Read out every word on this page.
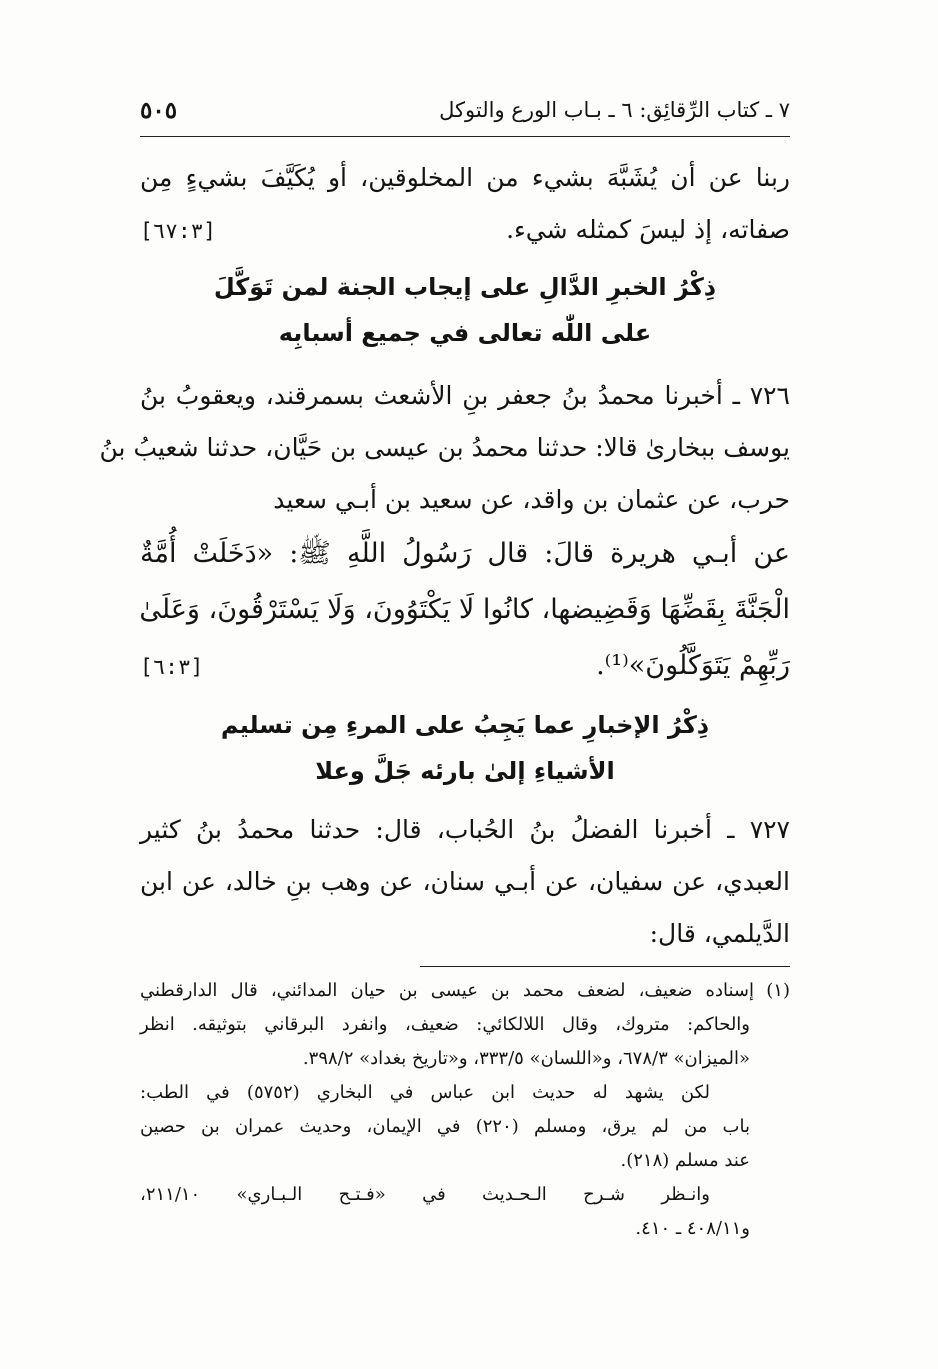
٧ ـ كتاب الرِّقائِق: ٦ ـ بـاب الورع والتوكل
٥٠٥
ربنا عن أن يُشَبَّهَ بشيء من المخلوقين، أو يُكَيَّفَ بشيءٍ مِن
صفاته، إذ ليسَ كمثله شيء.
[٦٧:٣]
ذِكْرُ الخبرِ الدَّالِ على إيجاب الجنة لمن تَوَكَّلَ
على اللّٰه تعالى في جميع أسبابِه
٧٢٦ ـ أخبرنا محمدُ بنُ جعفر بنِ الأشعث بسمرقند، ويعقوبُ بنُ
يوسف ببخارىٰ قالا: حدثنا محمدُ بن عيسى بن حَيَّان، حدثنا شعيبُ بنُ
حرب، عن عثمان بن واقد، عن سعيد بن أبـي سعيد
عن أبـي هريرة قالَ: قال رَسُولُ اللَّهِ ﷺ: «دَخَلَتْ أُمَّةٌ
الْجَنَّةَ بِقَضِّهَا وَقَضِيضها، كانُوا لَا يَكْتَوُونَ، وَلَا يَسْتَرْقُونَ، وَعَلَىٰ
رَبِّهِمْ يَتَوَكَّلُونَ»⁽¹⁾.
[٦:٣]
ذِكْرُ الإخبارِ عما يَجِبُ على المرءِ مِن تسليم
الأشياءِ إلىٰ بارئه جَلَّ وعلا
٧٢٧ ـ أخبرنا الفضلُ بنُ الحُباب، قال: حدثنا محمدُ بنُ كثير
العبدي، عن سفيان، عن أبـي سنان، عن وهب بنِ خالد، عن ابن
الدَّيلمي، قال:
(١)
إسناده ضعيف، لضعف محمد بن عيسى بن حيان المدائني، قال الدارقطني
والحاكم: متروك، وقال اللالكائي: ضعيف، وانفرد البرقاني بتوثيقه. انظر
«الميزان» ٦٧٨/٣، و«اللسان» ٣٣٣/٥، و«تاريخ بغداد» ٣٩٨/٢.
لكن يشهد له حديث ابن عباس في البخاري (٥٧٥٢) في الطب:
باب من لم يرق، ومسلم (٢٢٠) في الإيمان، وحديث عمران بن حصين
عند مسلم (٢١٨).
وانـظر شـرح الـحـديث في «فـتـح الـبـاري» ٢١١/١٠،
و٤٠٨/١١ ـ ٤١٠.
